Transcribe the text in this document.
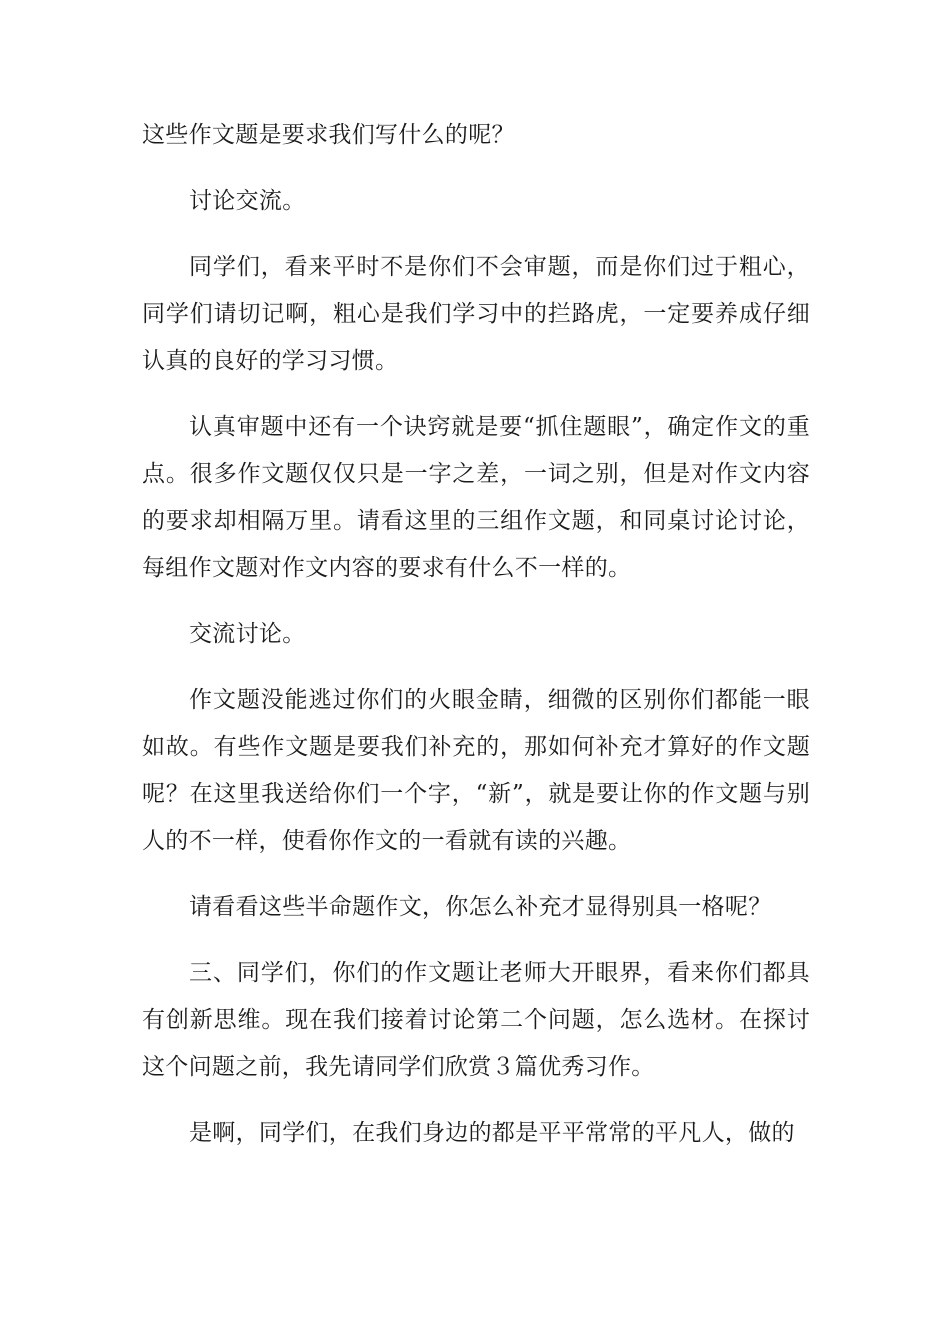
这些作文题是要求我们写什么的呢？

讨论交流。

同学们，看来平时不是你们不会审题，而是你们过于粗心，同学们请切记啊，粗心是我们学习中的拦路虎，一定要养成仔细认真的良好的学习习惯。

认真审题中还有一个诀窍就是要“抓住题眼”，确定作文的重点。很多作文题仅仅只是一字之差，一词之别，但是对作文内容的要求却相隔万里。请看这里的三组作文题，和同桌讨论讨论，每组作文题对作文内容的要求有什么不一样的。

交流讨论。

作文题没能逃过你们的火眼金睛，细微的区别你们都能一眼如故。有些作文题是要我们补充的，那如何补充才算好的作文题呢？在这里我送给你们一个字，“新”，就是要让你的作文题与别人的不一样，使看你作文的一看就有读的兴趣。

请看看这些半命题作文，你怎么补充才显得别具一格呢？

三、同学们，你们的作文题让老师大开眼界，看来你们都具有创新思维。现在我们接着讨论第二个问题，怎么选材。在探讨这个问题之前，我先请同学们欣赏３篇优秀习作。

是啊，同学们，在我们身边的都是平平常常的平凡人，做的
